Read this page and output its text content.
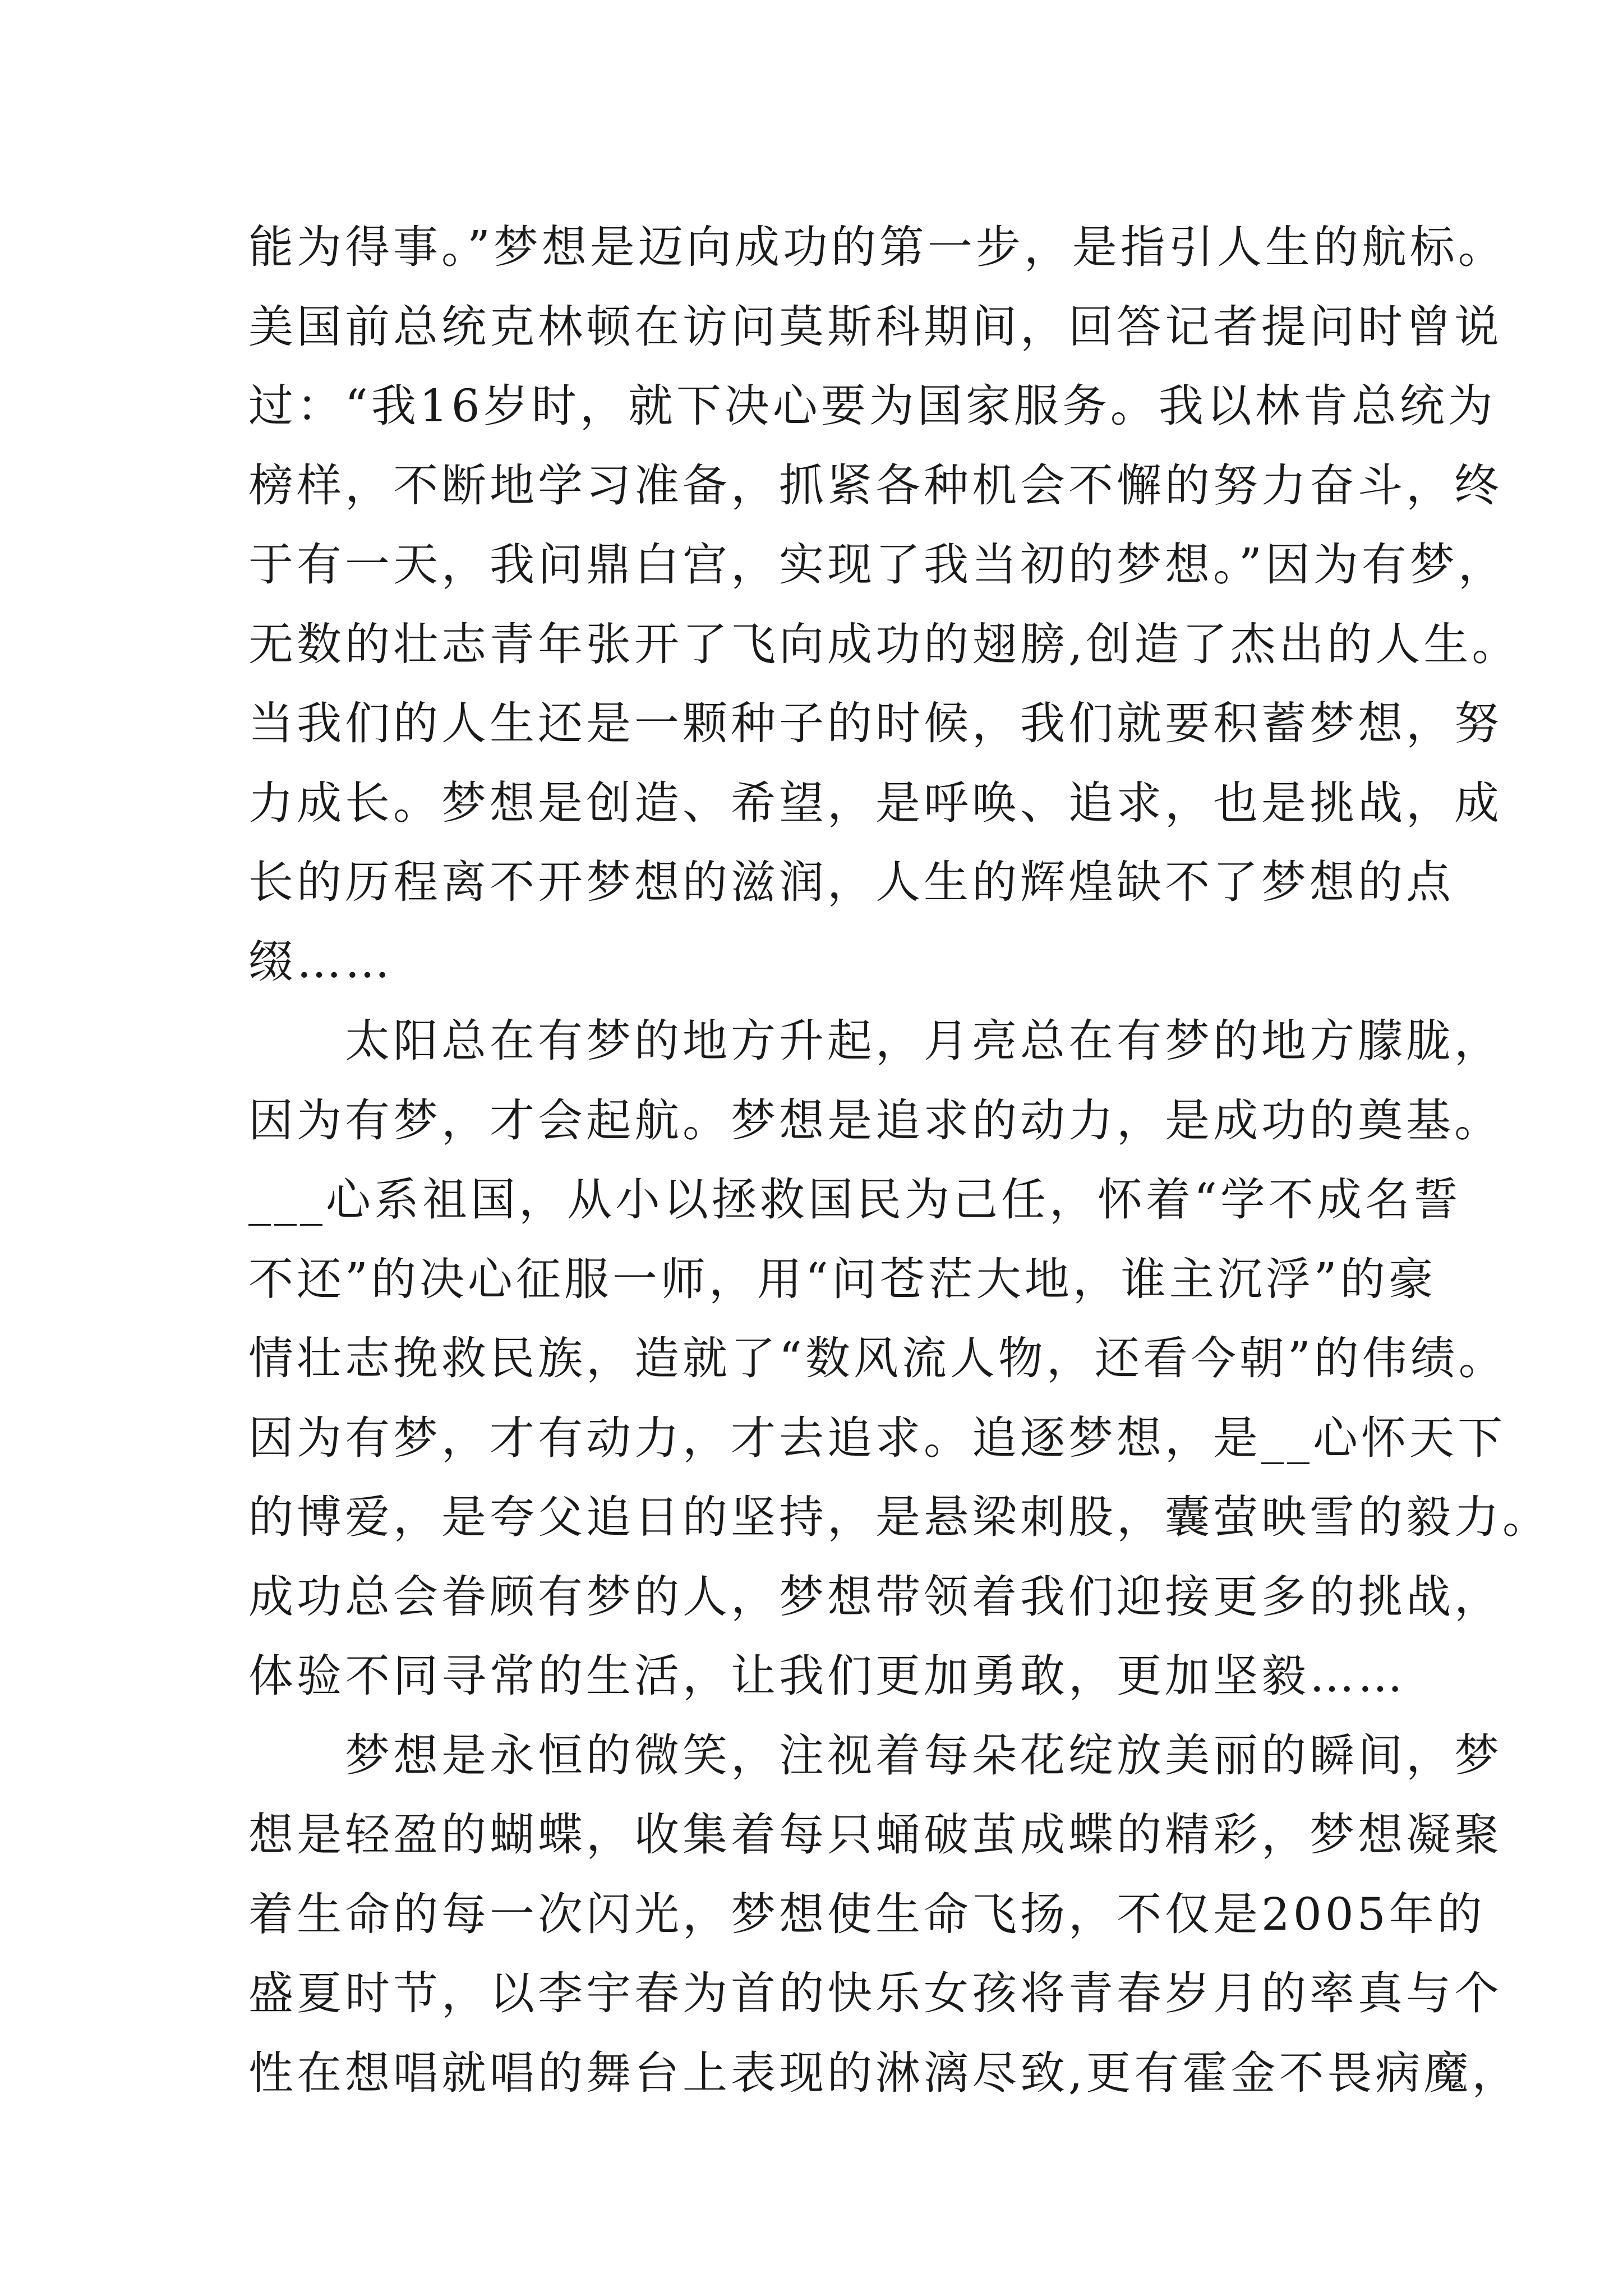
能为得事。”梦想是迈向成功的第一步，是指引人生的航标。
美国前总统克林顿在访问莫斯科期间，回答记者提问时曾说
过：“我16岁时，就下决心要为国家服务。我以林肯总统为
榜样，不断地学习准备，抓紧各种机会不懈的努力奋斗，终
于有一天，我问鼎白宫，实现了我当初的梦想。”因为有梦，
无数的壮志青年张开了飞向成功的翅膀,创造了杰出的人生。
当我们的人生还是一颗种子的时候，我们就要积蓄梦想，努
力成长。梦想是创造、希望，是呼唤、追求，也是挑战，成
长的历程离不开梦想的滋润，人生的辉煌缺不了梦想的点
缀……
　　太阳总在有梦的地方升起，月亮总在有梦的地方朦胧，
因为有梦，才会起航。梦想是追求的动力，是成功的奠基。
___心系祖国，从小以拯救国民为己任，怀着“学不成名誓
不还”的决心征服一师，用“问苍茫大地，谁主沉浮”的豪
情壮志挽救民族，造就了“数风流人物，还看今朝”的伟绩。
因为有梦，才有动力，才去追求。追逐梦想，是__心怀天下
的博爱，是夸父追日的坚持，是悬梁刺股，囊萤映雪的毅力。
成功总会眷顾有梦的人，梦想带领着我们迎接更多的挑战，
体验不同寻常的生活，让我们更加勇敢，更加坚毅……
　　梦想是永恒的微笑，注视着每朵花绽放美丽的瞬间，梦
想是轻盈的蝴蝶，收集着每只蛹破茧成蝶的精彩，梦想凝聚
着生命的每一次闪光，梦想使生命飞扬，不仅是2005年的
盛夏时节，以李宇春为首的快乐女孩将青春岁月的率真与个
性在想唱就唱的舞台上表现的淋漓尽致,更有霍金不畏病魔，
